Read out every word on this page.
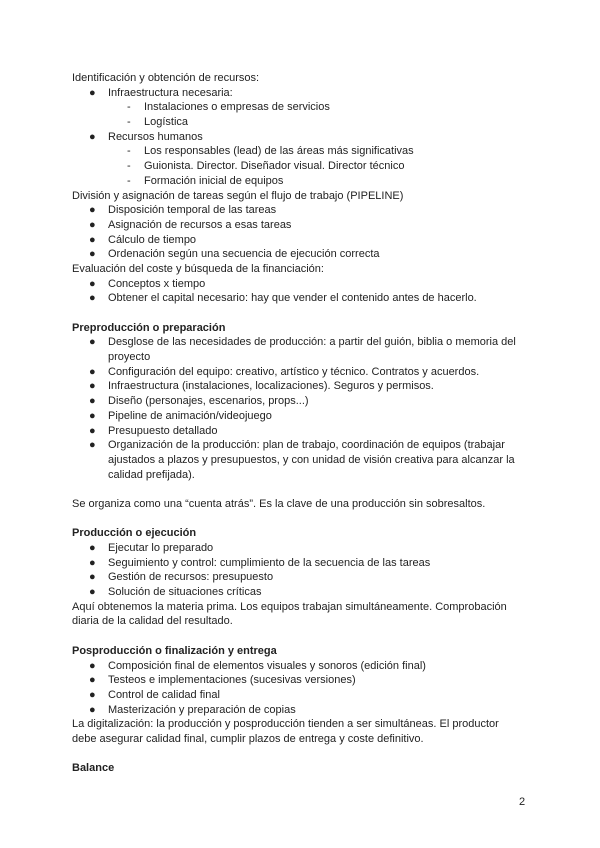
Identificación y obtención de recursos:
● Infraestructura necesaria:
- Instalaciones o empresas de servicios
- Logística
● Recursos humanos
- Los responsables (lead) de las áreas más significativas
- Guionista. Director. Diseñador visual. Director técnico
- Formación inicial de equipos
División y asignación de tareas según el flujo de trabajo (PIPELINE)
● Disposición temporal de las tareas
● Asignación de recursos a esas tareas
● Cálculo de tiempo
● Ordenación según una secuencia de ejecución correcta
Evaluación del coste y búsqueda de la financiación:
● Conceptos x tiempo
● Obtener el capital necesario: hay que vender el contenido antes de hacerlo.
Preproducción o preparación
● Desglose de las necesidades de producción: a partir del guión, biblia o memoria del
proyecto
● Configuración del equipo: creativo, artístico y técnico. Contratos y acuerdos.
● Infraestructura (instalaciones, localizaciones). Seguros y permisos.
● Diseño (personajes, escenarios, props...)
● Pipeline de animación/videojuego
● Presupuesto detallado
● Organización de la producción: plan de trabajo, coordinación de equipos (trabajar
ajustados a plazos y presupuestos, y con unidad de visión creativa para alcanzar la
calidad prefijada).
Se organiza como una “cuenta atrás”. Es la clave de una producción sin sobresaltos.
Producción o ejecución
● Ejecutar lo preparado
● Seguimiento y control: cumplimiento de la secuencia de las tareas
● Gestión de recursos: presupuesto
● Solución de situaciones críticas
Aquí obtenemos la materia prima. Los equipos trabajan simultáneamente. Comprobación
diaria de la calidad del resultado.
Posproducción o finalización y entrega
● Composición final de elementos visuales y sonoros (edición final)
● Testeos e implementaciones (sucesivas versiones)
● Control de calidad final
● Masterización y preparación de copias
La digitalización: la producción y posproducción tienden a ser simultáneas. El productor
debe asegurar calidad final, cumplir plazos de entrega y coste definitivo.
Balance
2
